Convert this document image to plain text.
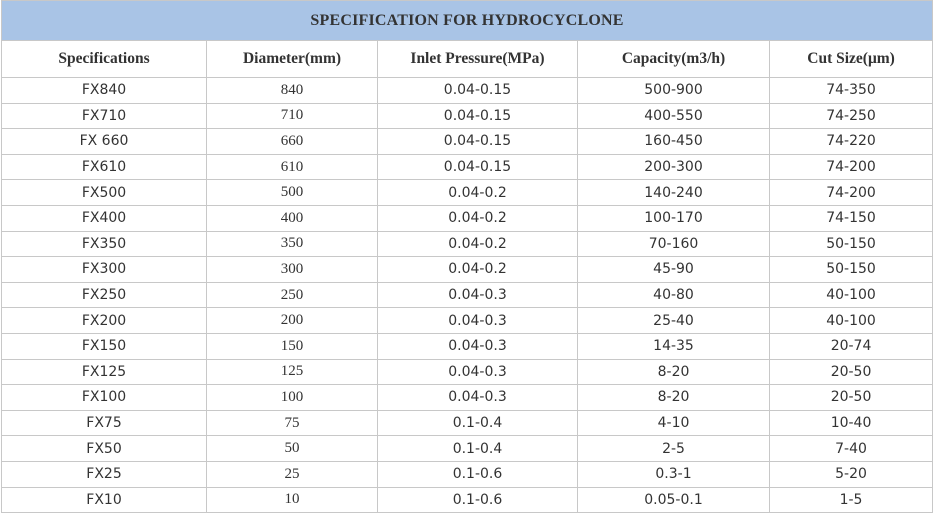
SPECIFICATION FOR HYDROCYCLONE				
Specifications	Diameter(mm)	Inlet Pressure(MPa)	Capacity(m3/h)	Cut Size(μm)
FX840	840	0.04-0.15	500-900	74-350
FX710	710	0.04-0.15	400-550	74-250
FX 660	660	0.04-0.15	160-450	74-220
FX610	610	0.04-0.15	200-300	74-200
FX500	500	0.04-0.2	140-240	74-200
FX400	400	0.04-0.2	100-170	74-150
FX350	350	0.04-0.2	70-160	50-150
FX300	300	0.04-0.2	45-90	50-150
FX250	250	0.04-0.3	40-80	40-100
FX200	200	0.04-0.3	25-40	40-100
FX150	150	0.04-0.3	14-35	20-74
FX125	125	0.04-0.3	8-20	20-50
FX100	100	0.04-0.3	8-20	20-50
FX75	75	0.1-0.4	4-10	10-40
FX50	50	0.1-0.4	2-5	7-40
FX25	25	0.1-0.6	0.3-1	5-20
FX10	10	0.1-0.6	0.05-0.1	1-5
